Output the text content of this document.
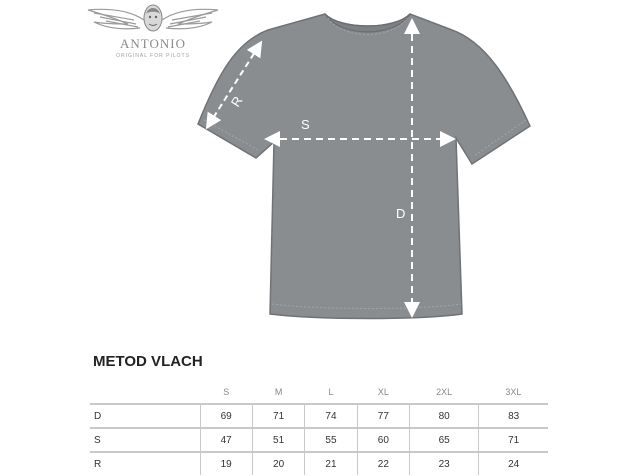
ANTONIO
ORIGINAL FOR PILOTS
R
S
D
METOD VLACH
	S	M	L	XL	2XL	3XL
D	69	71	74	77	80	83
S	47	51	55	60	65	71
R	19	20	21	22	23	24
